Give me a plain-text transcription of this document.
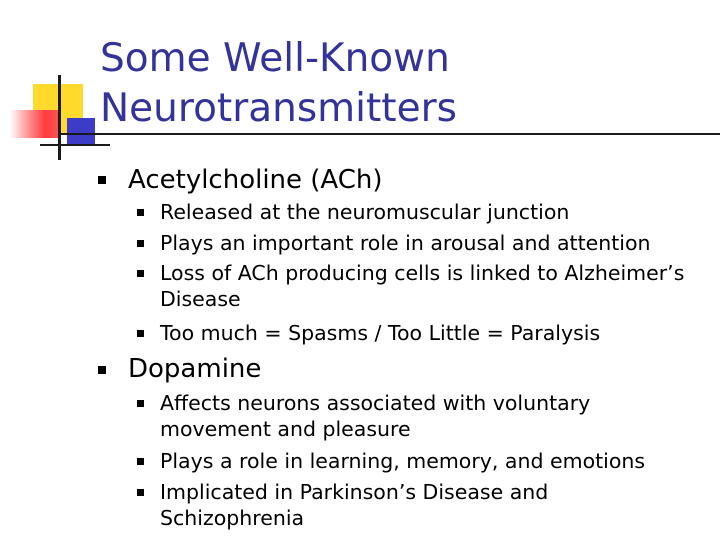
Some Well-Known
Neurotransmitters
Acetylcholine (ACh)
Released at the neuromuscular junction
Plays an important role in arousal and attention
Loss of ACh producing cells is linked to Alzheimer’s
Disease
Too much = Spasms / Too Little = Paralysis
Dopamine
Affects neurons associated with voluntary
movement and pleasure
Plays a role in learning, memory, and emotions
Implicated in Parkinson’s Disease and
Schizophrenia
